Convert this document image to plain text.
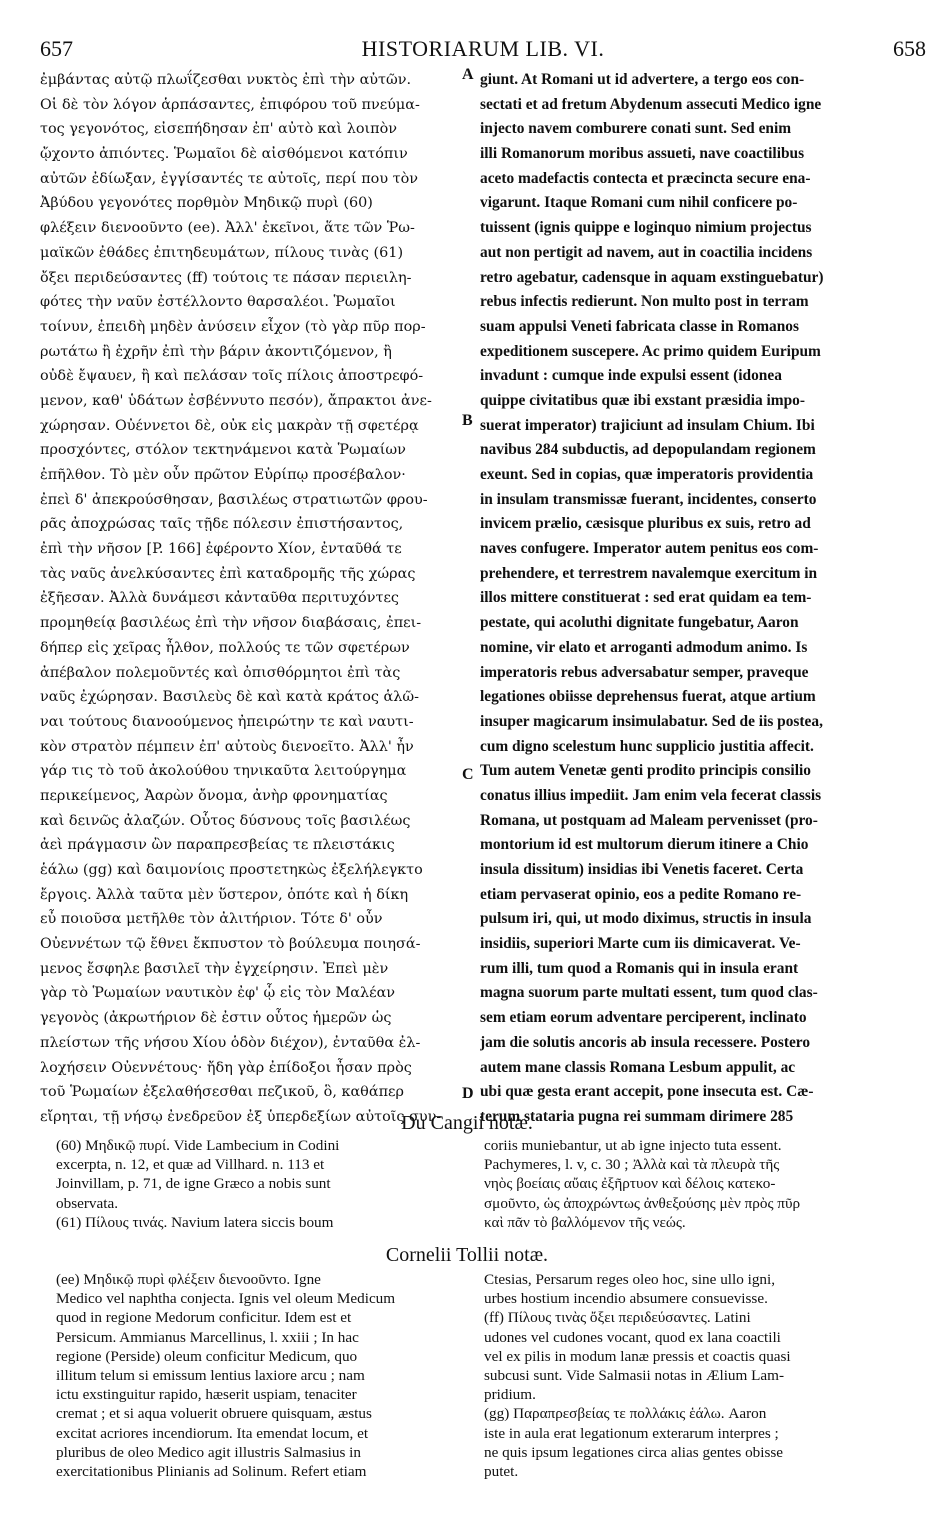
657	HISTORIARUM LIB. VI.	658
ἐμβάντας αὐτῷ πλωΐζεσθαι νυκτὸς ἐπὶ τὴν αὐτῶν.
Οἱ δὲ τὸν λόγον ἁρπάσαντες, ἐπιφόρου τοῦ πνεύμα-
τος γεγονότος, εἰσεπήδησαν ἐπ' αὐτὸ καὶ λοιπὸν
ᾤχοντο ἀπιόντες. Ῥωμαῖοι δὲ αἰσθόμενοι κατόπιν
αὐτῶν ἐδίωξαν, ἐγγίσαντές τε αὐτοῖς, περί που τὸν
Ἀβύδου γεγονότες πορθμὸν Μηδικῷ πυρὶ (60)
φλέξειν διενοοῦντο (ee). Ἀλλ' ἐκεῖνοι, ἅτε τῶν Ῥω-
μαϊκῶν ἐθάδες ἐπιτηδευμάτων, πίλους τινὰς (61)
ὄξει περιδεύσαντες (ff) τούτοις τε πάσαν περιειλη-
φότες τὴν ναῦν ἐστέλλοντο θαρσαλέοι. Ῥωμαῖοι
τοίνυν, ἐπειδὴ μηδὲν ἀνύσειν εἶχον (τὸ γὰρ πῦρ πορ-
ρωτάτω ἢ ἐχρῆν ἐπὶ τὴν βάριν ἀκοντιζόμενον, ἢ
οὐδὲ ἔψαυεν, ἢ καὶ πελάσαν τοῖς πίλοις ἀποστρεφό-
μενον, καθ' ὑδάτων ἐσβέννυτο πεσόν), ἄπρακτοι ἀνε-
χώρησαν. Οὐέννετοι δὲ, οὐκ εἰς μακρὰν τῇ σφετέρᾳ
προσχόντες, στόλον τεκτηνάμενοι κατὰ Ῥωμαίων
ἐπῆλθον. Τὸ μὲν οὖν πρῶτον Εὐρίπῳ προσέβαλον·
ἐπεὶ δ' ἀπεκρούσθησαν, βασιλέως στρατιωτῶν φρου-
ρᾶς ἀποχρώσας ταῖς τῇδε πόλεσιν ἐπιστήσαντος,
ἐπὶ τὴν νῆσον [P. 166] ἐφέροντο Χίον, ἐνταῦθά τε
τὰς ναῦς ἀνελκύσαντες ἐπὶ καταδρομῆς τῆς χώρας
ἐξῆεσαν. Ἀλλὰ δυνάμεσι κἀνταῦθα περιτυχόντες
προμηθείᾳ βασιλέως ἐπὶ τὴν νῆσον διαβάσαις, ἐπει-
δήπερ εἰς χεῖρας ἦλθον, πολλούς τε τῶν σφετέρων
ἀπέβαλον πολεμοῦντές καὶ ὀπισθόρμητοι ἐπὶ τὰς
ναῦς ἐχώρησαν. Βασιλεὺς δὲ καὶ κατὰ κράτος ἁλῶ-
ναι τούτους διανοούμενος ἠπειρώτην τε καὶ ναυτι-
κὸν στρατὸν πέμπειν ἐπ' αὐτοὺς διενοεῖτο. Ἀλλ' ἦν
γάρ τις τὸ τοῦ ἀκολούθου τηνικαῦτα λειτούργημα
περικείμενος, Ἀαρὼν ὄνομα, ἀνὴρ φρονηματίας
καὶ δεινῶς ἀλαζών. Οὗτος δύσνους τοῖς βασιλέως
ἀεὶ πράγμασιν ὢν παραπρεσβείας τε πλειστάκις
ἑάλω (gg) καὶ δαιμονίοις προστετηκὼς ἐξελήλεγκτο
ἔργοις. Ἀλλὰ ταῦτα μὲν ὕστερον, ὁπότε καὶ ἡ δίκη
εὖ ποιοῦσα μετῆλθε τὸν ἀλιτήριον. Τότε δ' οὖν
Οὐεννέτων τῷ ἔθνει ἔκπυστον τὸ βούλευμα ποιησά-
μενος ἔσφηλε βασιλεῖ τὴν ἐγχείρησιν. Ἐπεὶ μὲν
γὰρ τὸ Ῥωμαίων ναυτικὸν ἐφ' ᾧ εἰς τὸν Μαλέαν
γεγονὸς (ἀκρωτήριον δὲ ἐστιν οὗτος ἡμερῶν ὡς
πλείστων τῆς νήσου Χίου ὁδὸν διέχον), ἐνταῦθα ἐλ-
λοχήσειν Οὐεννέτους· ἤδη γὰρ ἐπίδοξοι ἦσαν πρὸς
τοῦ Ῥωμαίων ἐξελαθήσεσθαι πεζικοῦ, ὃ, καθάπερ
εἴρηται, τῇ νήσῳ ἐνεδρεῦον ἐξ ὑπερδεξίων αὐτοῖς συν-
giunt. At Romani ut id advertere, a tergo eos con-
sectati et ad fretum Abydenum assecuti Medico igne
injecto navem comburere conati sunt. Sed enim
illi Romanorum moribus assueti, nave coactilibus
aceto madefactis contecta et præcincta secure ena-
vigarunt. Itaque Romani cum nihil conficere po-
tuissent (ignis quippe e loginquo nimium projectus
aut non pertigit ad navem, aut in coactilia incidens
retro agebatur, cadensque in aquam exstinguebatur)
rebus infectis redierunt. Non multo post in terram
suam appulsi Veneti fabricata classe in Romanos
expeditionem suscepere. Ac primo quidem Euripum
invadunt : cumque inde expulsi essent (idonea
quippe civitatibus quæ ibi exstant præsidia impo-
suerat imperator) trajiciunt ad insulam Chium. Ibi
navibus 284 subductis, ad depopulandam regionem
exeunt. Sed in copias, quæ imperatoris providentia
in insulam transmissæ fuerant, incidentes, conserto
invicem prælio, cæsisque pluribus ex suis, retro ad
naves confugere. Imperator autem penitus eos com-
prehendere, et terrestrem navalemque exercitum in
illos mittere constituerat : sed erat quidam ea tem-
pestate, qui acoluthi dignitate fungebatur, Aaron
nomine, vir elato et arroganti admodum animo. Is
imperatoris rebus adversabatur semper, praveque
legationes obiisse deprehensus fuerat, atque artium
insuper magicarum insimulabatur. Sed de iis postea,
cum digno scelestum hunc supplicio justitia affecit.
Tum autem Venetæ genti prodito principis consilio
conatus illius impediit. Jam enim vela fecerat classis
Romana, ut postquam ad Maleam pervenisset (pro-
montorium id est multorum dierum itinere a Chio
insula dissitum) insidias ibi Venetis faceret. Certa
etiam pervaserat opinio, eos a pedite Romano re-
pulsum iri, qui, ut modo diximus, structis in insula
insidiis, superiori Marte cum iis dimicaverat. Ve-
rum illi, tum quod a Romanis qui in insula erant
magna suorum parte multati essent, tum quod clas-
sem etiam eorum adventare perciperent, inclinato
jam die solutis ancoris ab insula recessere. Postero
autem mane classis Romana Lesbum appulit, ac
ubi quæ gesta erant accepit, pone insecuta est. Cæ-
terum stataria pugna rei summam dirimere 285
A
B
C
D
Du Cangii notæ.
(60) Μηδικῷ πυρί. Vide Lambecium in Codini
excerpta, n. 12, et quæ ad Villhard. n. 113 et
Joinvillam, p. 71, de igne Græco a nobis sunt
observata.
(61) Πίλους τινάς. Navium latera siccis boum
coriis muniebantur, ut ab igne injecto tuta essent.
Pachymeres, l. v, c. 30 ; Ἀλλὰ καὶ τὰ πλευρὰ τῆς
νηὸς βοείαις αὔαις ἐξῆρτυον καὶ δέλοις κατεκο-
σμοῦντο, ὡς ἀποχρώντως ἀνθεξούσης μὲν πρὸς πῦρ
καὶ πᾶν τὸ βαλλόμενον τῆς νεώς.
Cornelii Tollii notæ.
(ee) Μηδικῷ πυρὶ φλέξειν διενοοῦντο. Igne
Medico vel naphtha conjecta. Ignis vel oleum Medicum
quod in regione Medorum conficitur. Idem est et
Persicum. Ammianus Marcellinus, l. xxiii ; In hac
regione (Perside) oleum conficitur Medicum, quo
illitum telum si emissum lentius laxiore arcu ; nam
ictu exstinguitur rapido, hæserit uspiam, tenaciter
cremat ; et si aqua voluerit obruere quisquam, æstus
excitat acriores incendiorum. Ita emendat locum, et
pluribus de oleo Medico agit illustris Salmasius in
exercitationibus Plinianis ad Solinum. Refert etiam
Ctesias, Persarum reges oleo hoc, sine ullo igni,
urbes hostium incendio absumere consuevisse.
(ff) Πίλους τινὰς ὄξει περιδεύσαντες. Latini
udones vel cudones vocant, quod ex lana coactili
vel ex pilis in modum lanæ pressis et coactis quasi
subcusi sunt. Vide Salmasii notas in Ælium Lam-
pridium.
(gg) Παραπρεσβείας τε πολλάκις ἑάλω. Aaron
iste in aula erat legationum exterarum interpres ;
ne quis ipsum legationes circa alias gentes obisse
putet.
